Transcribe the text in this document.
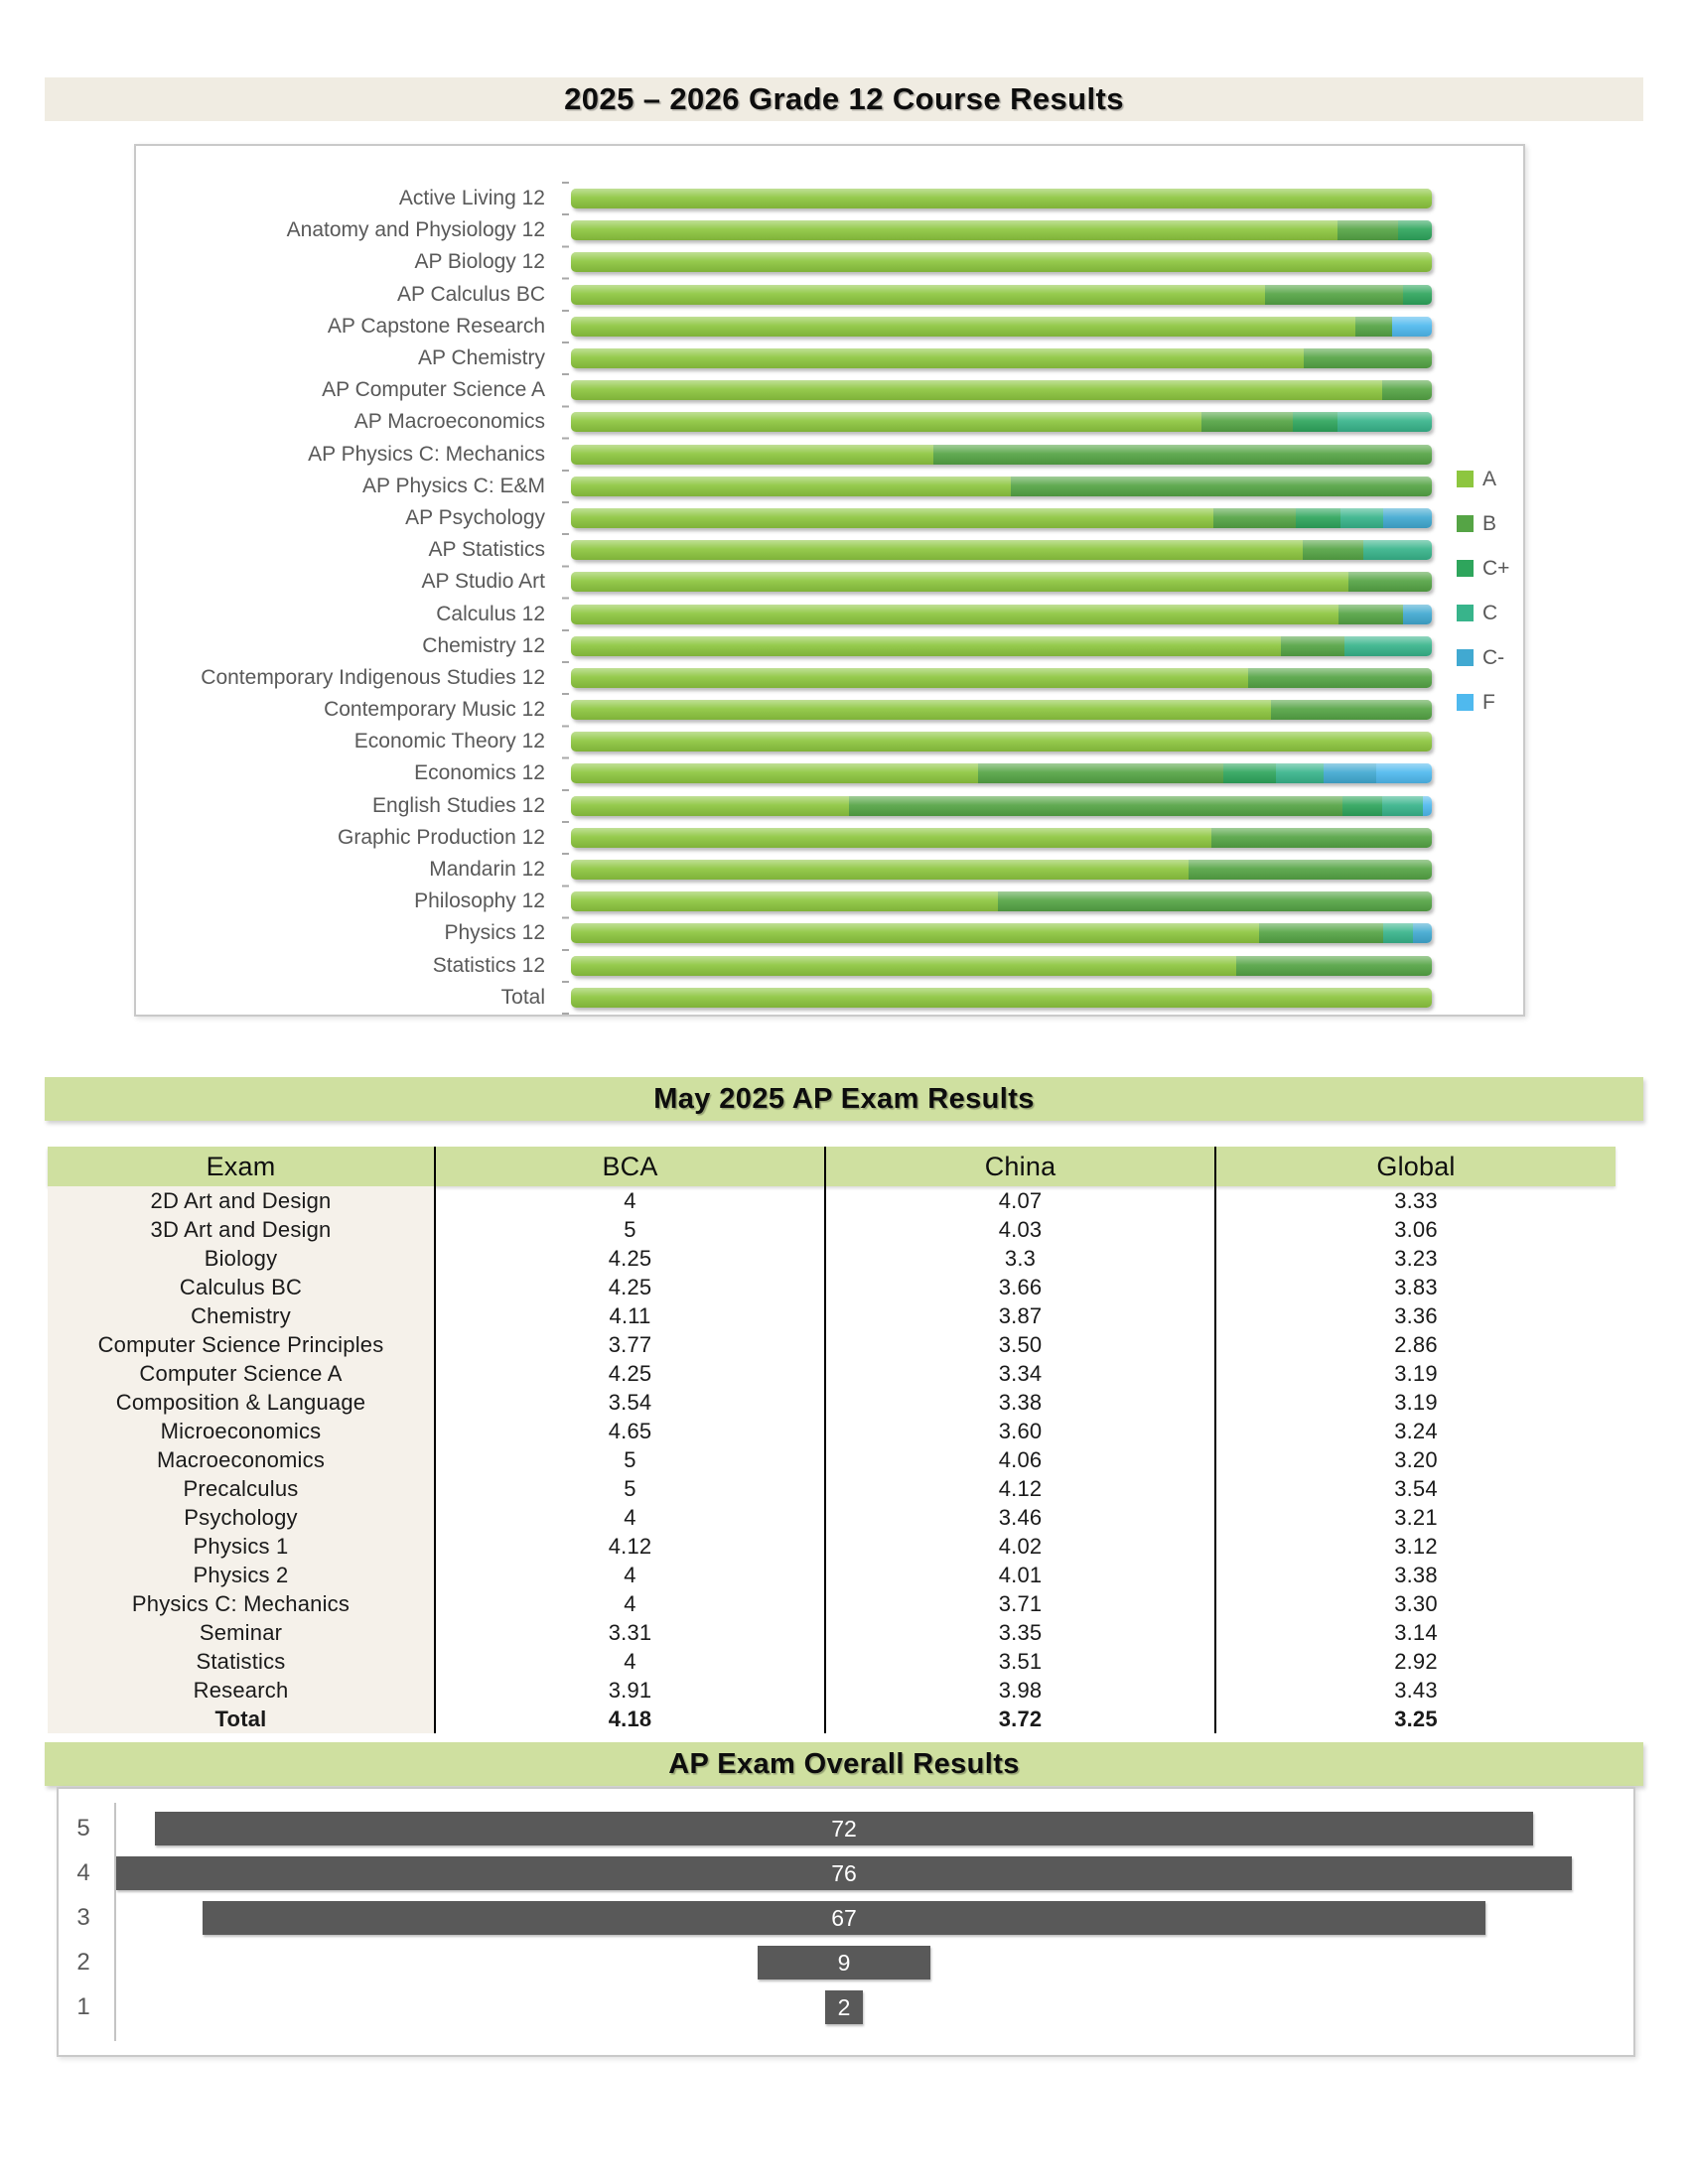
2025 – 2026 Grade 12 Course Results
Active Living 12
Anatomy and Physiology 12
AP Biology 12
AP Calculus BC
AP Capstone Research
AP Chemistry
AP Computer Science A
AP Macroeconomics
AP Physics C: Mechanics
AP Physics C: E&M
AP Psychology
AP Statistics
AP Studio Art
Calculus 12
Chemistry 12
Contemporary Indigenous Studies 12
Contemporary Music 12
Economic Theory 12
Economics 12
English Studies 12
Graphic Production 12
Mandarin 12
Philosophy 12
Physics 12
Statistics 12
Total
A
B
C+
C
C-
F
May 2025 AP Exam Results
Exam	BCA	China	Global
2D Art and Design	4	4.07	3.33
3D Art and Design	5	4.03	3.06
Biology	4.25	3.3	3.23
Calculus BC	4.25	3.66	3.83
Chemistry	4.11	3.87	3.36
Computer Science Principles	3.77	3.50	2.86
Computer Science A	4.25	3.34	3.19
Composition & Language	3.54	3.38	3.19
Microeconomics	4.65	3.60	3.24
Macroeconomics	5	4.06	3.20
Precalculus	5	4.12	3.54
Psychology	4	3.46	3.21
Physics 1	4.12	4.02	3.12
Physics 2	4	4.01	3.38
Physics C: Mechanics	4	3.71	3.30
Seminar	3.31	3.35	3.14
Statistics	4	3.51	2.92
Research	3.91	3.98	3.43
Total	4.18	3.72	3.25
AP Exam Overall Results
5	72
4	76
3	67
2	9
1	2
